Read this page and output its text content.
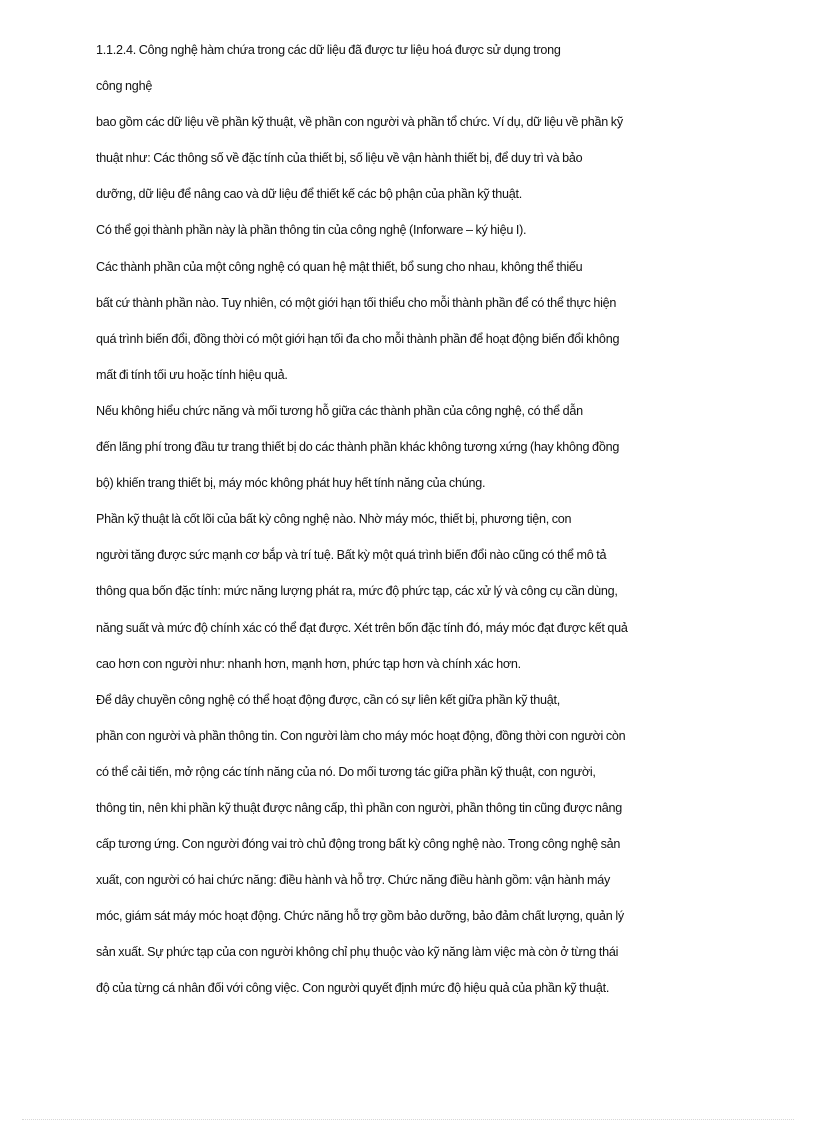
1.1.2.4. Công nghệ hàm chứa trong các dữ liệu đã được tư liệu hoá được sử dụng trong
công nghệ
bao gồm các dữ liệu về phần kỹ thuật, về phần con người và phần tổ chức. Ví dụ, dữ liệu về phần kỹ
thuật như: Các thông số về đặc tính của thiết bị, số liệu về vận hành thiết bị, để duy trì và bảo
dưỡng, dữ liệu để nâng cao và dữ liệu để thiết kế các bộ phận của phần kỹ thuật.
Có thể gọi thành phần này là phần thông tin của công nghệ (Inforware – ký hiệu I).
Các thành phần của một công nghệ có quan hệ mật thiết, bổ sung cho nhau, không thể thiếu
bất cứ thành phần nào. Tuy nhiên, có một giới hạn tối thiểu cho mỗi thành phần để có thể thực hiện
quá trình biến đổi, đồng thời có một giới hạn tối đa cho mỗi thành phần để hoạt động biến đổi không
mất đi tính tối ưu hoặc tính hiệu quả.
Nếu không hiểu chức năng và mối tương hỗ giữa các thành phần của công nghệ, có thể dẫn
đến lãng phí trong đầu tư trang thiết bị do các thành phần khác không tương xứng (hay không đồng
bộ) khiến trang thiết bị, máy móc không phát huy hết tính năng của chúng.
Phần kỹ thuật là cốt lõi của bất kỳ công nghệ nào. Nhờ máy móc, thiết bị, phương tiện, con
người tăng được sức mạnh cơ bắp và trí tuệ. Bất kỳ một quá trình biến đổi nào cũng có thể mô tả
thông qua bốn đặc tính: mức năng lượng phát ra, mức độ phức tạp, các xử lý và công cụ cần dùng,
năng suất và mức độ chính xác có thể đạt được. Xét trên bốn đặc tính đó, máy móc đạt được kết quả
cao hơn con người như: nhanh hơn, mạnh hơn, phức tạp hơn và chính xác hơn.
Để dây chuyền công nghệ có thể hoạt động được, cần có sự liên kết giữa phần kỹ thuật,
phần con người và phần thông tin. Con người làm cho máy móc hoạt động, đồng thời con người còn
có thể cải tiến, mở rộng các tính năng của nó. Do mối tương tác giữa phần kỹ thuật, con người,
thông tin, nên khi phần kỹ thuật được nâng cấp, thì phần con người, phần thông tin cũng được nâng
cấp tương ứng. Con người đóng vai trò chủ động trong bất kỳ công nghệ nào. Trong công nghệ sản
xuất, con người có hai chức năng: điều hành và hỗ trợ. Chức năng điều hành gồm: vận hành máy
móc, giám sát máy móc hoạt động. Chức năng hỗ trợ gồm bảo dưỡng, bảo đảm chất lượng, quản lý
sản xuất. Sự phức tạp của con người không chỉ phụ thuộc vào kỹ năng làm việc mà còn ở từng thái
độ của từng cá nhân đối với công việc. Con người quyết định mức độ hiệu quả của phần kỹ thuật.
